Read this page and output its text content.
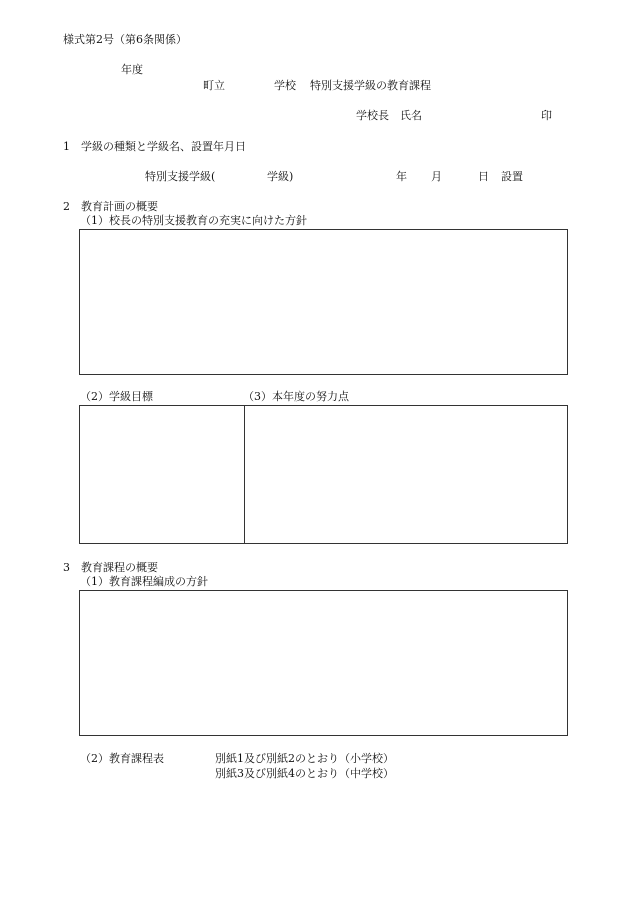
様式第2号（第6条関係）
年度
町立	学校 特別支援学級の教育課程
学校長　氏名	印
1　学級の種類と学級名、設置年月日
特別支援学級(	学級)	年 月	日 設置
2　教育計画の概要
（1）校長の特別支援教育の充実に向けた方針
（2）学級目標	（3）本年度の努力点
3　教育課程の概要
（1）教育課程編成の方針
（2）教育課程表	別紙1及び別紙2のとおり（小学校）
別紙3及び別紙4のとおり（中学校）
